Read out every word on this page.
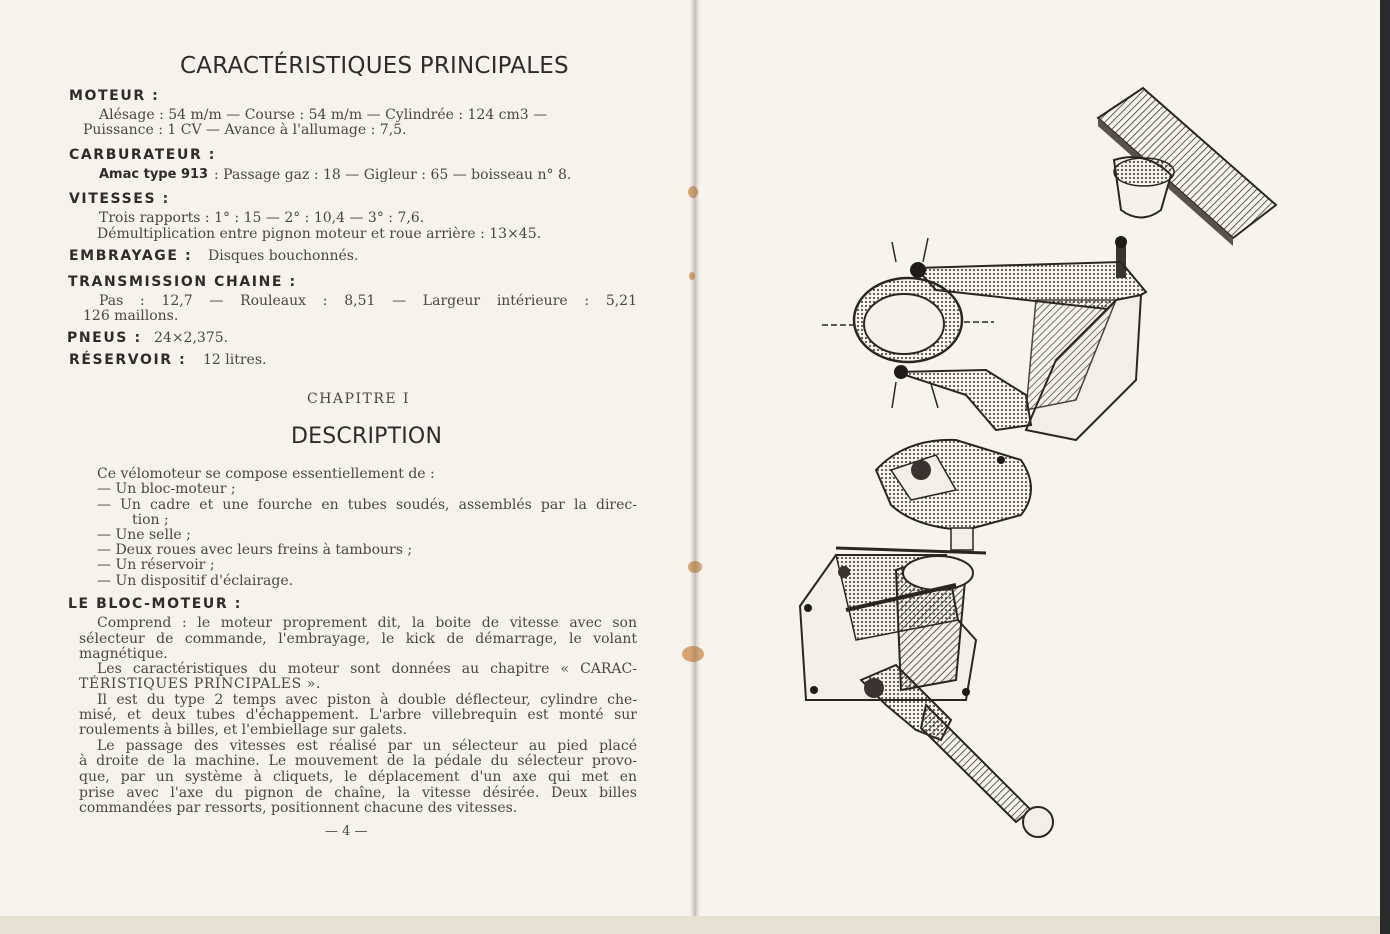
CARACTÉRISTIQUES PRINCIPALES
MOTEUR :
Alésage : 54 m/m — Course : 54 m/m — Cylindrée : 124 cm3 —
Puissance : 1 CV — Avance à l'allumage : 7,5.
CARBURATEUR :
Amac type 913 : Passage gaz : 18 — Gigleur : 65 — boisseau n° 8.
VITESSES :
Trois rapports : 1° : 15 — 2° : 10,4 — 3° : 7,6.
Démultiplication entre pignon moteur et roue arrière : 13×45.
EMBRAYAGE : Disques bouchonnés.
TRANSMISSION CHAINE :
Pas : 12,7 — Rouleaux : 8,51 — Largeur intérieure : 5,21
126 maillons.
PNEUS : 24×2,375.
RÉSERVOIR : 12 litres.
CHAPITRE I
DESCRIPTION
Ce vélomoteur se compose essentiellement de :
— Un bloc-moteur ;
— Un cadre et une fourche en tubes soudés, assemblés par la direc-
tion ;
— Une selle ;
— Deux roues avec leurs freins à tambours ;
— Un réservoir ;
— Un dispositif d'éclairage.
LE BLOC-MOTEUR :
Comprend : le moteur proprement dit, la boite de vitesse avec son
sélecteur de commande, l'embrayage, le kick de démarrage, le volant
magnétique.
Les caractéristiques du moteur sont données au chapitre « CARAC-
TÉRISTIQUES PRINCIPALES ».
Il est du type 2 temps avec piston à double déflecteur, cylindre che-
misé, et deux tubes d'échappement. L'arbre villebrequin est monté sur
roulements à billes, et l'embiellage sur galets.
Le passage des vitesses est réalisé par un sélecteur au pied placé
à droite de la machine. Le mouvement de la pédale du sélecteur provo-
que, par un système à cliquets, le déplacement d'un axe qui met en
prise avec l'axe du pignon de chaîne, la vitesse désirée. Deux billes
commandées par ressorts, positionnent chacune des vitesses.
— 4 —
